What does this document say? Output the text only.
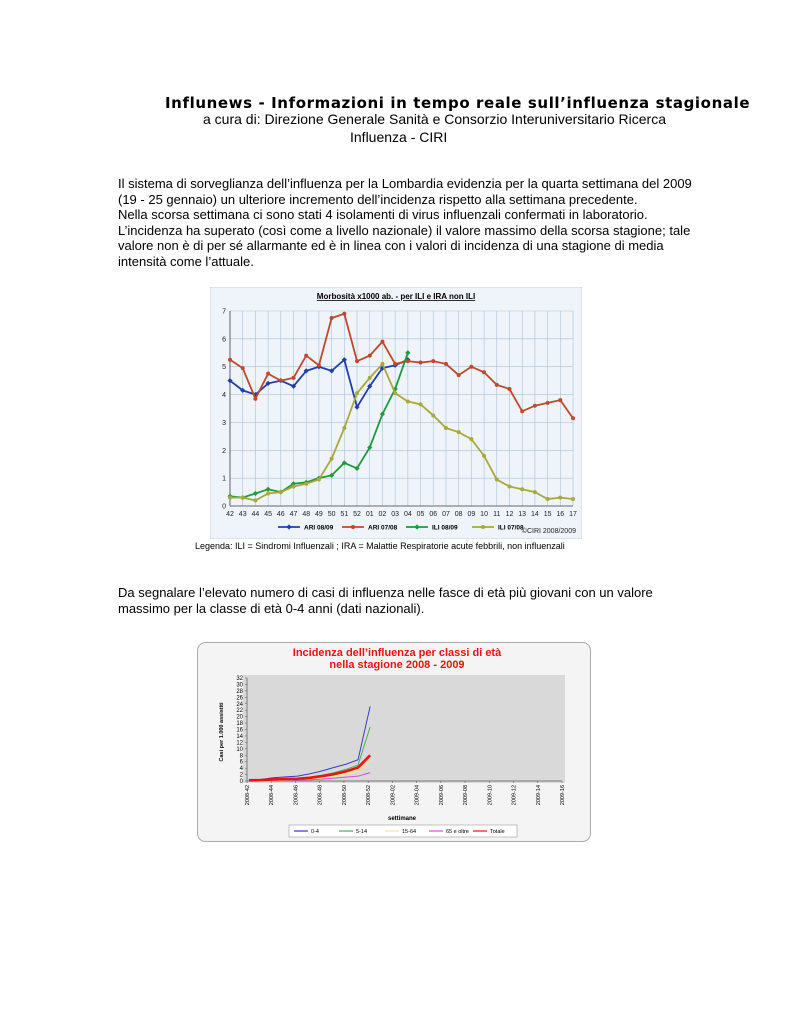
Influnews - Informazioni in tempo reale sull’influenza stagionale
a cura di: Direzione Generale Sanità e Consorzio Interuniversitario Ricerca
Influenza - CIRI
Il sistema di sorveglianza dell’influenza per la Lombardia evidenzia per la quarta settimana del 2009
(19 - 25 gennaio) un ulteriore incremento dell’incidenza rispetto alla settimana precedente.
Nella scorsa settimana ci sono stati 4 isolamenti di virus influenzali confermati in laboratorio.
L’incidenza ha superato (così come a livello nazionale) il valore massimo della scorsa stagione; tale
valore non è di per sé allarmante ed è in linea con i valori di incidenza di una stagione di media
intensità come l’attuale.
Morbosità x1000 ab. - per ILI e IRA non ILI
0
1
2
3
4
5
6
7
42 43 44 45 46 47 48 49 50 51 52 01 02 03 04 05 06 07 08 09 10 11 12 13 14 15 16 17
ARI 08/09	ARI 07/08	ILI 08/09	ILI 07/08
©CIRI 2008/2009
Legenda: ILI = Sindromi Influenzali ; IRA = Malattie Respiratorie acute febbrili, non influenzali
Da segnalare l’elevato numero di casi di influenza nelle fasce di età più giovani con un valore
massimo per la classe di età 0-4 anni (dati nazionali).
Incidenza dell’influenza per classi di età
nella stagione 2008 - 2009
Casi per 1.000 assistiti
settimane
0
2
4
6
8
10
12
14
16
18
20
22
24
26
28
30
32
2008-42	2008-44	2008-46	2008-48	2008-50	2008-52	2009-02	2009-04	2009-06	2009-08	2009-10	2009-12	2009-14	2009-16
0-4	5-14	15-64	65 e oltre	Totale
